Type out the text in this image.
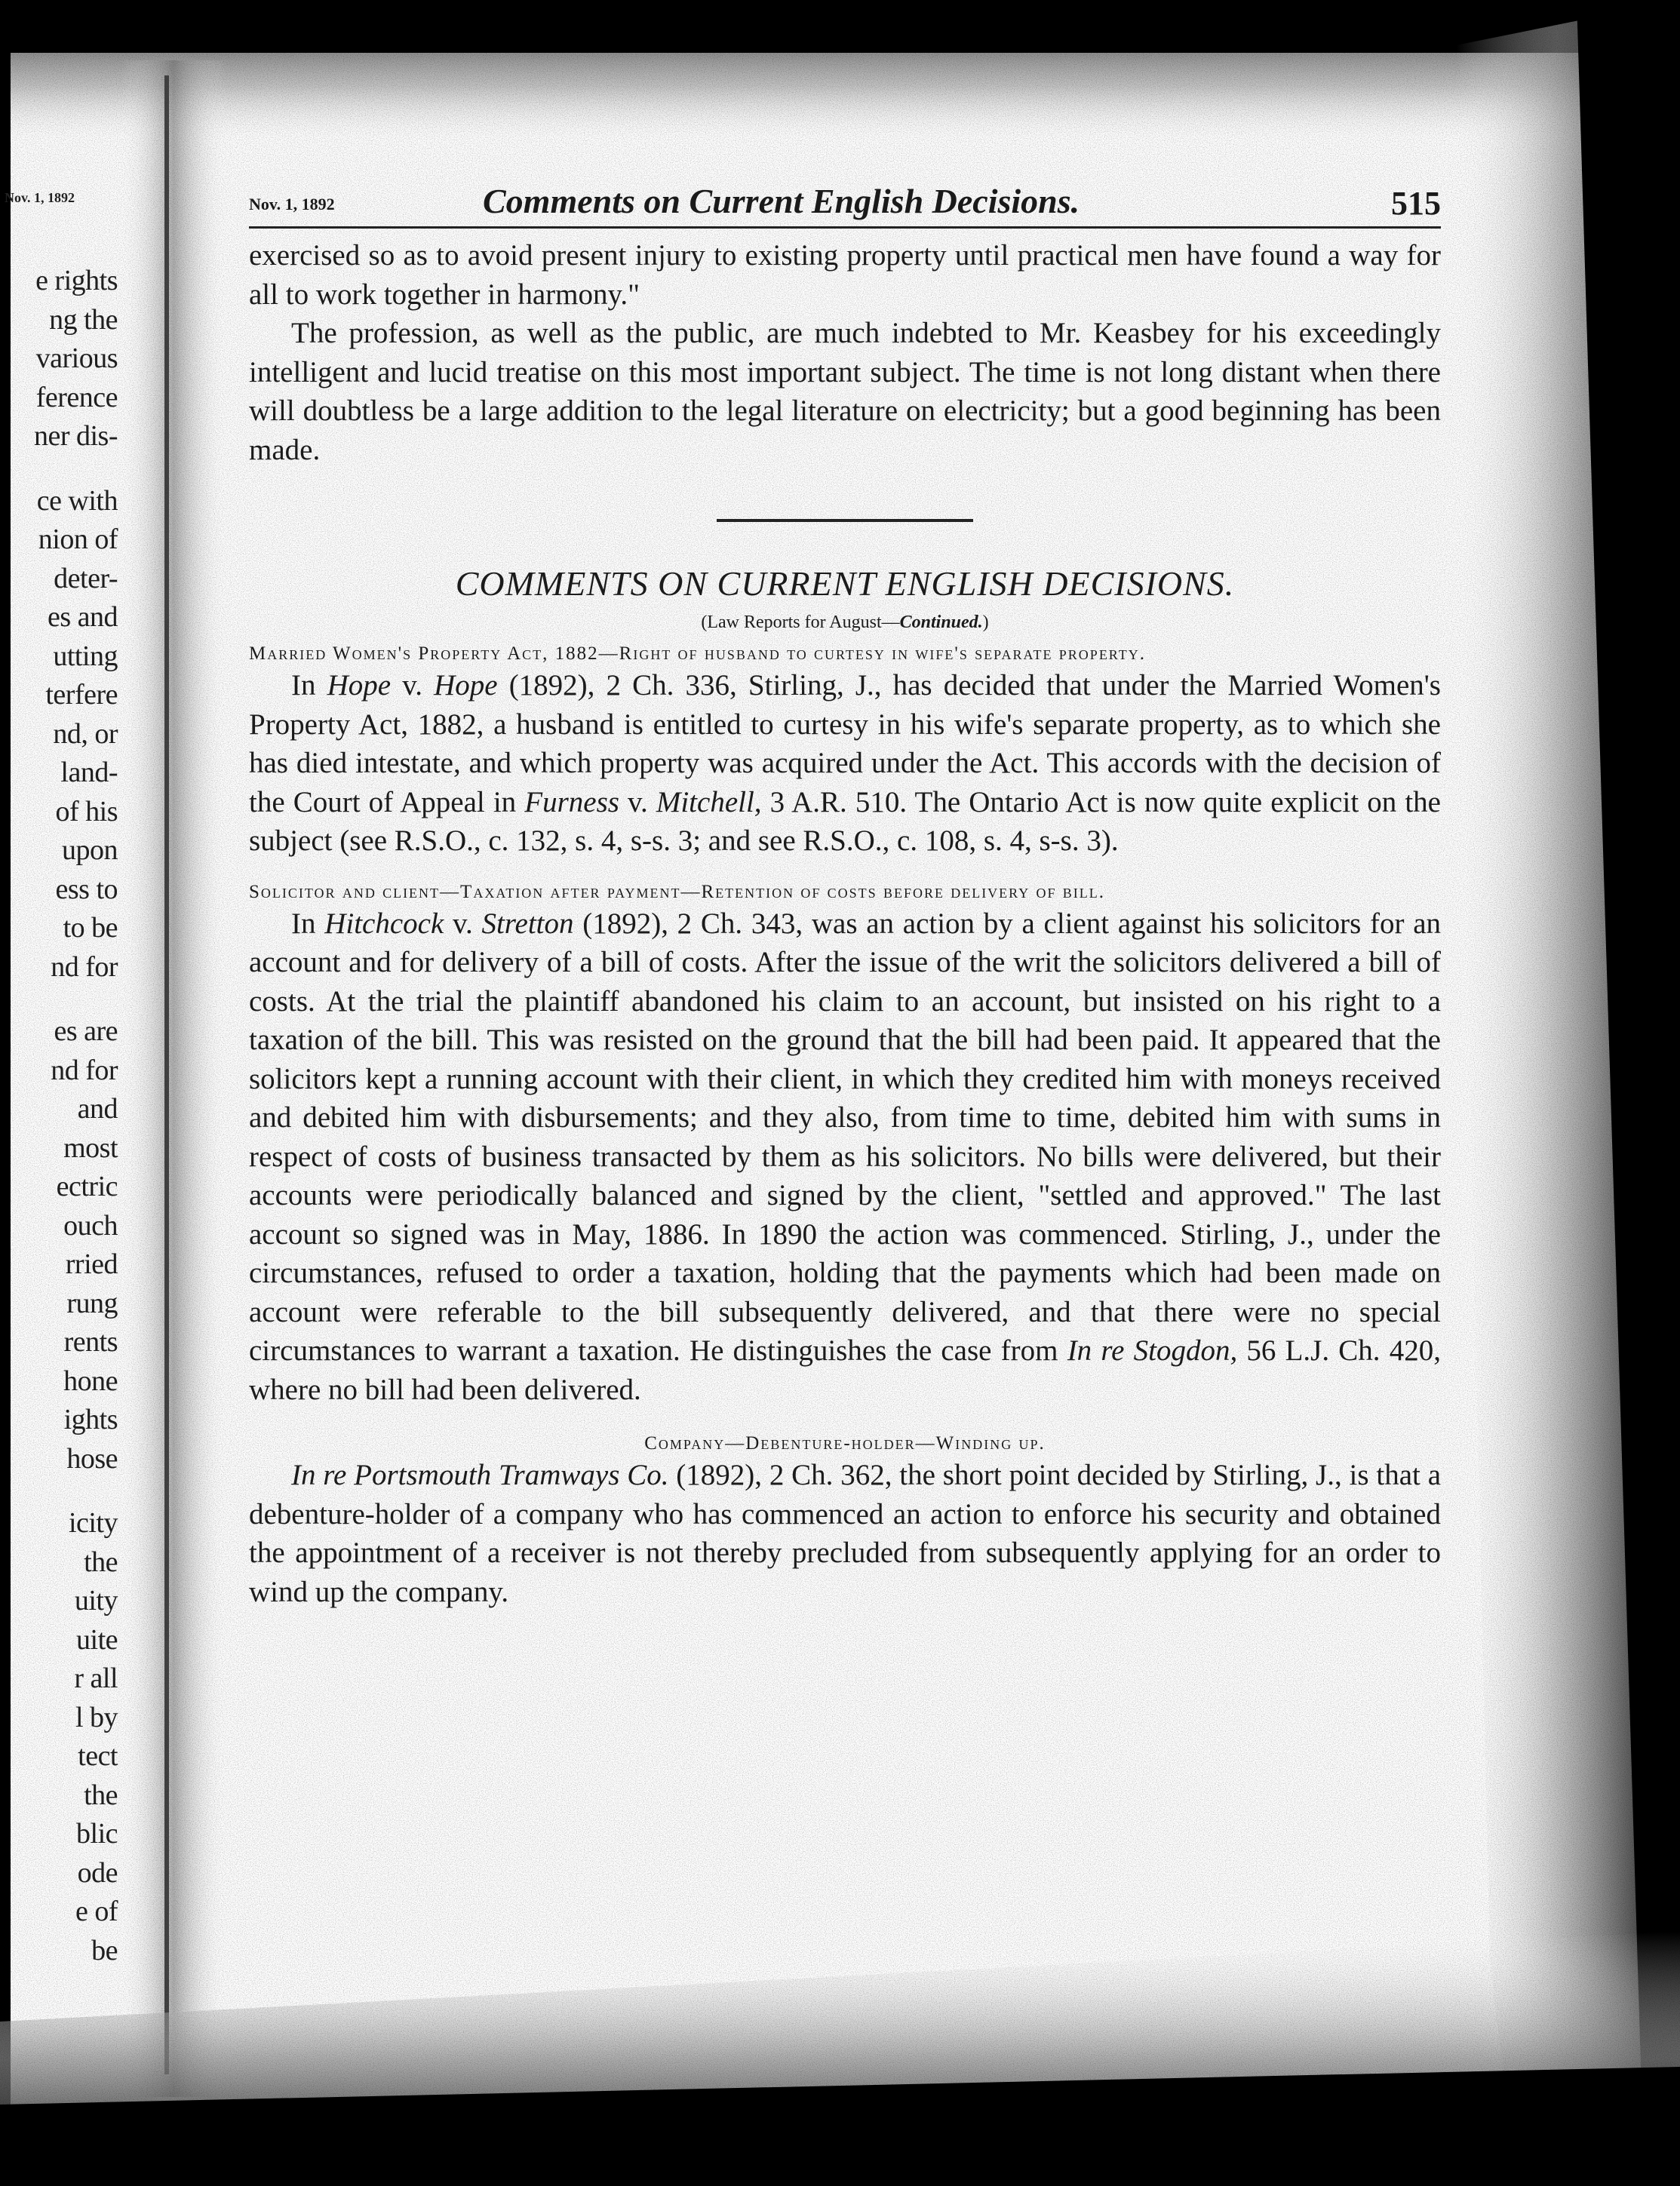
Nov. 1, 1892
e rights
ng the
various
ference
ner dis-
ce with
nion of
deter-
es and
utting
terfere
nd, or
land-
of his
upon
ess to
to be
nd for
es are
nd for
and
most
ectric
ouch
rried
rung
rents
hone
ights
hose
icity
the
uity
uite
r all
l by
tect
the
blic
ode
e of
be
Nov. 1, 1892	Comments on Current English Decisions.	515

exercised so as to avoid present injury to existing property until practical men have found a way for all to work together in harmony."

The profession, as well as the public, are much indebted to Mr. Keasbey for his exceedingly intelligent and lucid treatise on this most important subject. The time is not long distant when there will doubtless be a large addition to the legal literature on electricity; but a good beginning has been made.

COMMENTS ON CURRENT ENGLISH DECISIONS.

(Law Reports for August—Continued.)

Married Women's Property Act, 1882—Right of husband to curtesy in wife's separate property.

In Hope v. Hope (1892), 2 Ch. 336, Stirling, J., has decided that under the Married Women's Property Act, 1882, a husband is entitled to curtesy in his wife's separate property, as to which she has died intestate, and which property was acquired under the Act. This accords with the decision of the Court of Appeal in Furness v. Mitchell, 3 A.R. 510. The Ontario Act is now quite explicit on the subject (see R.S.O., c. 132, s. 4, s-s. 3; and see R.S.O., c. 108, s. 4, s-s. 3).

Solicitor and client—Taxation after payment—Retention of costs before delivery of bill.

In Hitchcock v. Stretton (1892), 2 Ch. 343, was an action by a client against his solicitors for an account and for delivery of a bill of costs. After the issue of the writ the solicitors delivered a bill of costs. At the trial the plaintiff abandoned his claim to an account, but insisted on his right to a taxation of the bill. This was resisted on the ground that the bill had been paid. It appeared that the solicitors kept a running account with their client, in which they credited him with moneys received and debited him with disbursements; and they also, from time to time, debited him with sums in respect of costs of business transacted by them as his solicitors. No bills were delivered, but their accounts were periodically balanced and signed by the client, "settled and approved." The last account so signed was in May, 1886. In 1890 the action was commenced. Stirling, J., under the circumstances, refused to order a taxation, holding that the payments which had been made on account were referable to the bill subsequently delivered, and that there were no special circumstances to warrant a taxation. He distinguishes the case from In re Stogdon, 56 L.J. Ch. 420, where no bill had been delivered.

Company—Debenture-holder—Winding up.

In re Portsmouth Tramways Co. (1892), 2 Ch. 362, the short point decided by Stirling, J., is that a debenture-holder of a company who has commenced an action to enforce his security and obtained the appointment of a receiver is not thereby precluded from subsequently applying for an order to wind up the company.
